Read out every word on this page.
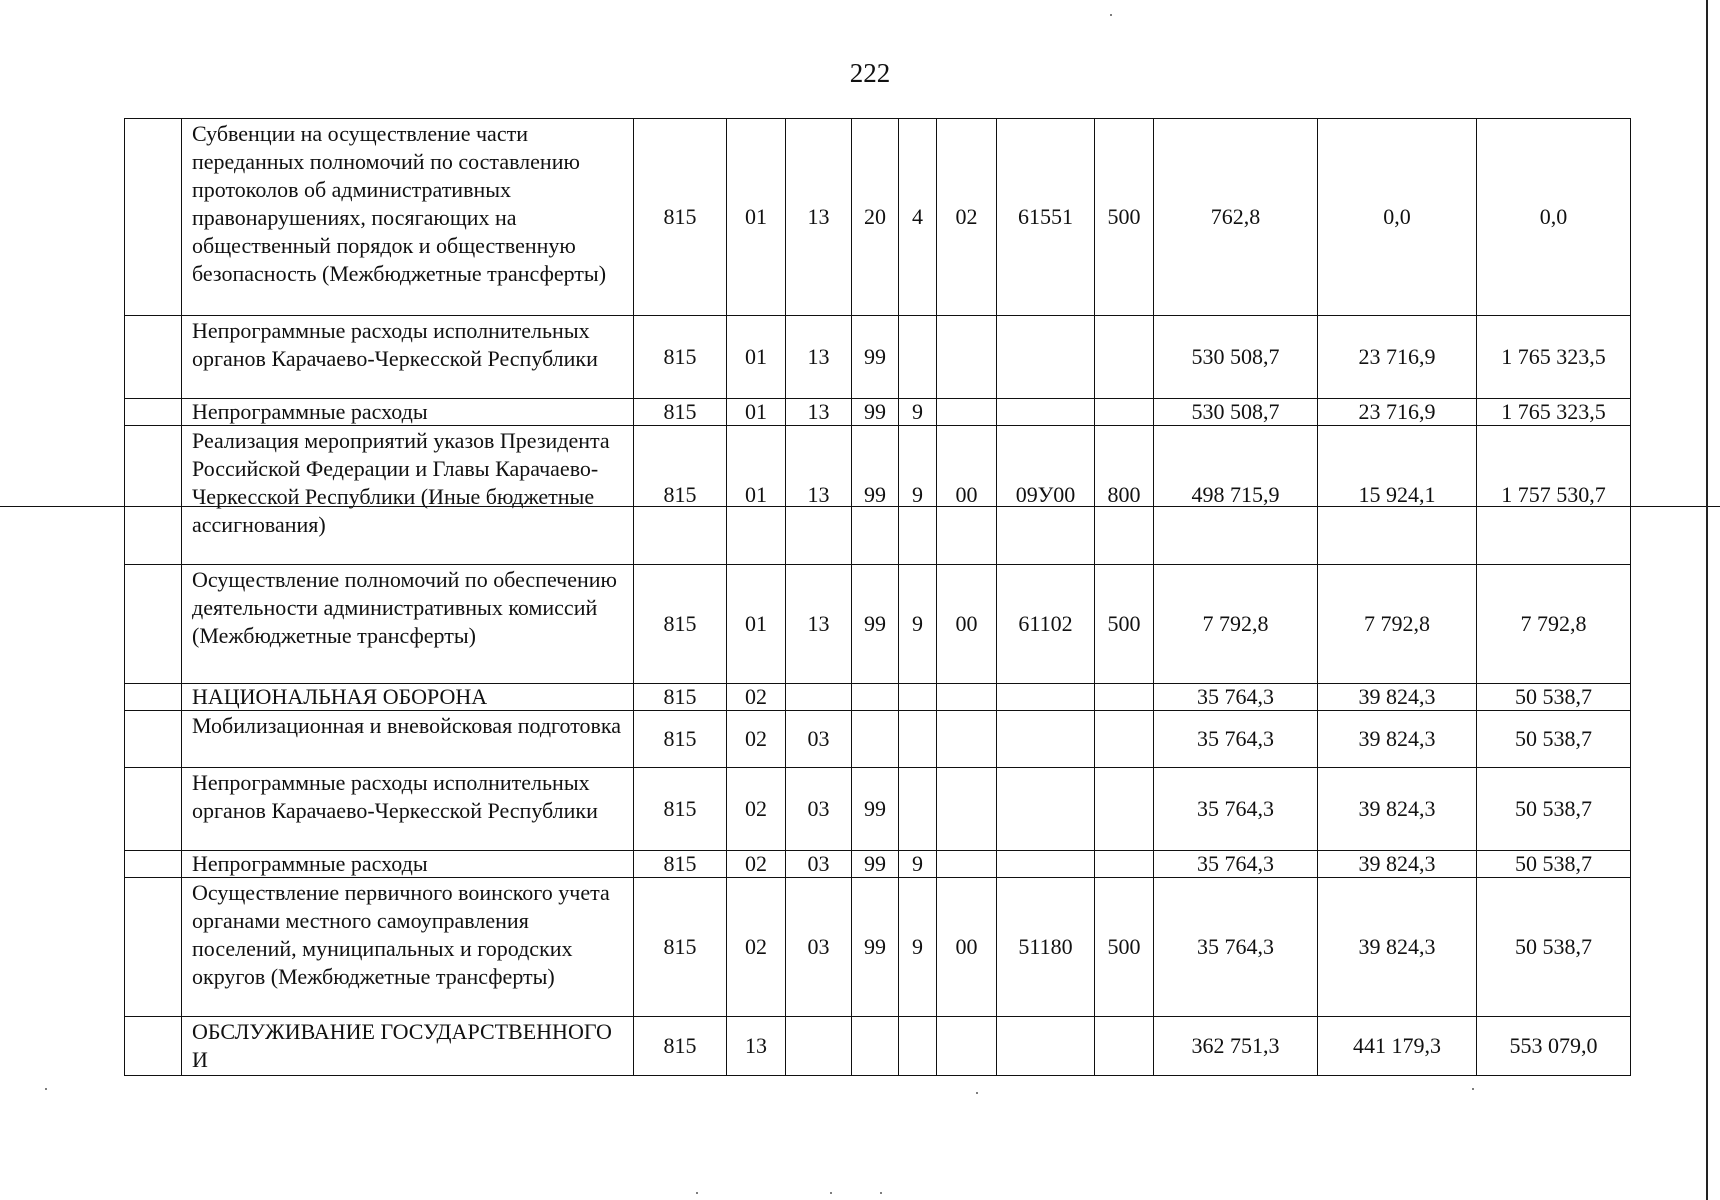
222
	Субвенции на осуществление части переданных полномочий по составлению протоколов об административных правонарушениях, посягающих на общественный порядок и общественную безопасность (Межбюджетные трансферты)	815	01	13	20	4	02	61551	500	762,8	0,0	0,0
	Непрограммные расходы исполнительных органов Карачаево-Черкесской Республики	815	01	13	99					530 508,7	23 716,9	1 765 323,5
	Непрограммные расходы	815	01	13	99	9				530 508,7	23 716,9	1 765 323,5
	Реализация мероприятий указов Президента Российской Федерации и Главы Карачаево-Черкесской Республики (Иные бюджетные ассигнования)	815	01	13	99	9	00	09У00	800	498 715,9	15 924,1	1 757 530,7
	Осуществление полномочий по обеспечению деятельности административных комиссий (Межбюджетные трансферты)	815	01	13	99	9	00	61102	500	7 792,8	7 792,8	7 792,8
	НАЦИОНАЛЬНАЯ ОБОРОНА	815	02							35 764,3	39 824,3	50 538,7
	Мобилизационная и вневойсковая подготовка	815	02	03						35 764,3	39 824,3	50 538,7
	Непрограммные расходы исполнительных органов Карачаево-Черкесской Республики	815	02	03	99					35 764,3	39 824,3	50 538,7
	Непрограммные расходы	815	02	03	99	9				35 764,3	39 824,3	50 538,7
	Осуществление первичного воинского учета органами местного самоуправления поселений, муниципальных и городских округов (Межбюджетные трансферты)	815	02	03	99	9	00	51180	500	35 764,3	39 824,3	50 538,7
	ОБСЛУЖИВАНИЕ ГОСУДАРСТВЕННОГО И	815	13							362 751,3	441 179,3	553 079,0
